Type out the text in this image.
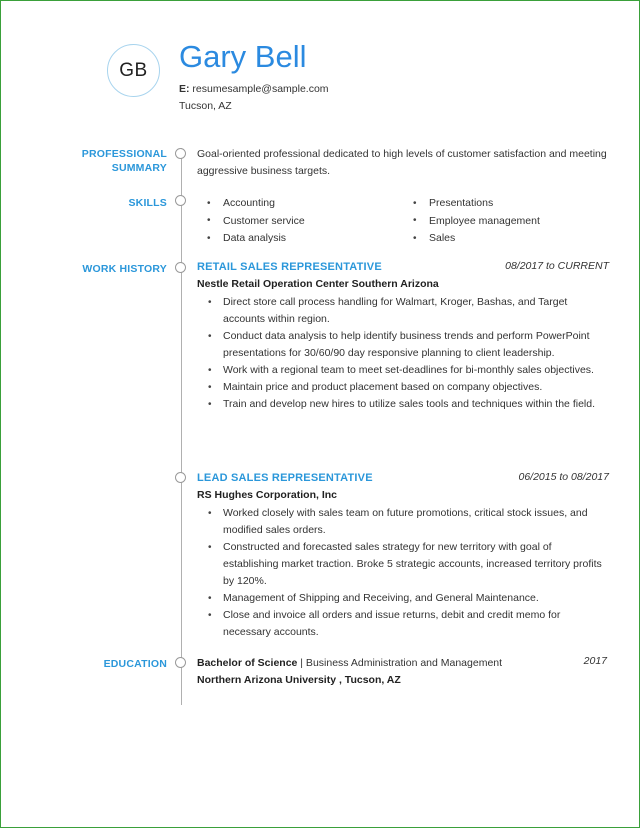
GB Gary Bell
E: resumesample@sample.com
Tucson, AZ
PROFESSIONAL
SUMMARY
Goal-oriented professional dedicated to high levels of customer satisfaction and meeting aggressive business targets.
SKILLS	• Accounting
• Customer service
• Data analysis
• Presentations
• Employee management
• Sales
WORK HISTORY	RETAIL SALES REPRESENTATIVE	08/2017 to CURRENT
Nestle Retail Operation Center Southern Arizona
• Direct store call process handling for Walmart, Kroger, Bashas, and Target accounts within region.
• Conduct data analysis to help identify business trends and perform PowerPoint presentations for 30/60/90 day responsive planning to client leadership.
• Work with a regional team to meet set-deadlines for bi-monthly sales objectives.
• Maintain price and product placement based on company objectives.
• Train and develop new hires to utilize sales tools and techniques within the field.
LEAD SALES REPRESENTATIVE	06/2015 to 08/2017
RS Hughes Corporation, Inc
• Worked closely with sales team on future promotions, critical stock issues, and modified sales orders.
• Constructed and forecasted sales strategy for new territory with goal of establishing market traction. Broke 5 strategic accounts, increased territory profits by 120%.
• Management of Shipping and Receiving, and General Maintenance.
• Close and invoice all orders and issue returns, debit and credit memo for necessary accounts.
EDUCATION	Bachelor of Science | Business Administration and Management	2017
Northern Arizona University , Tucson, AZ
